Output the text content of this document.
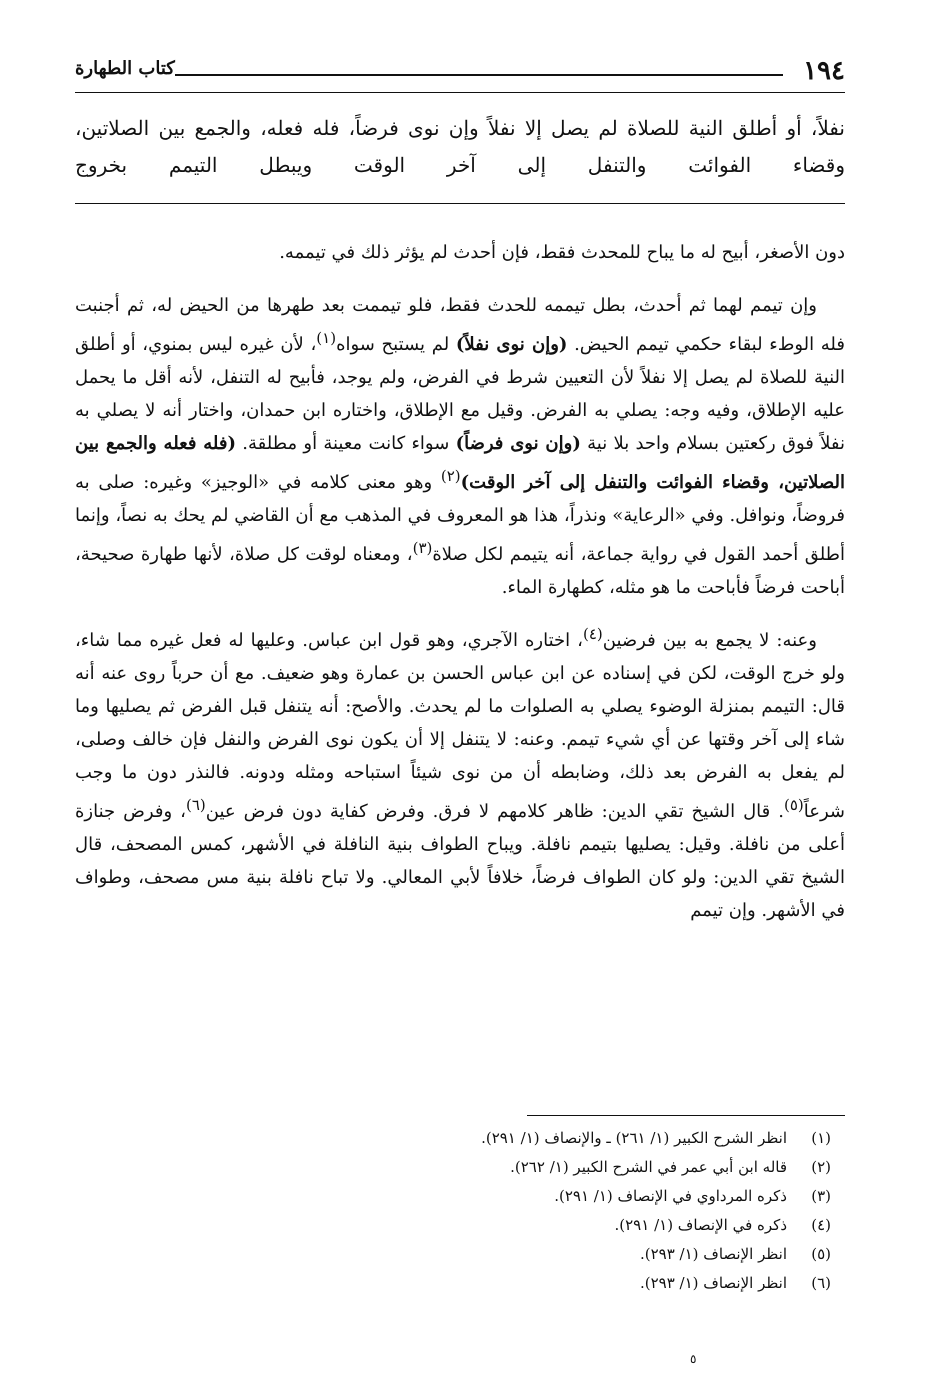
١٩٤
كتاب الطهارة
نفلاً، أو أطلق النية للصلاة لم يصل إلا نفلاً وإن نوى فرضاً، فله فعله، والجمع بين الصلاتين، وقضاء الفوائت والتنفل إلى آخر الوقت ويبطل التيمم بخروج

دون الأصغر، أبيح له ما يباح للمحدث فقط، فإن أحدث لم يؤثر ذلك في تيممه.

وإن تيمم لهما ثم أحدث، بطل تيممه للحدث فقط، فلو تيممت بعد طهرها من الحيض له، ثم أجنبت فله الوطء لبقاء حكمي تيمم الحيض. (وإن نوى نفلاً) لم يستبح سواه$^{(١)}$، لأن غيره ليس بمنوي، أو أطلق النية للصلاة لم يصل إلا نفلاً لأن التعيين شرط في الفرض، ولم يوجد، فأبيح له التنفل، لأنه أقل ما يحمل عليه الإطلاق، وفيه وجه: يصلي به الفرض. وقيل مع الإطلاق، واختاره ابن حمدان، واختار أنه لا يصلي به نفلاً فوق ركعتين بسلام واحد بلا نية (وإن نوى فرضاً) سواء كانت معينة أو مطلقة. (فله فعله والجمع بين الصلاتين، وقضاء الفوائت والتنفل إلى آخر الوقت)$^{(٢)}$ وهو معنى كلامه في «الوجيز» وغيره: صلى به فروضاً، ونوافل. وفي «الرعاية» ونذراً، هذا هو المعروف في المذهب مع أن القاضي لم يحك به نصاً، وإنما أطلق أحمد القول في رواية جماعة، أنه يتيمم لكل صلاة$^{(٣)}$، ومعناه لوقت كل صلاة، لأنها طهارة صحيحة، أباحت فرضاً فأباحت ما هو مثله، كطهارة الماء.

وعنه: لا يجمع به بين فرضين$^{(٤)}$، اختاره الآجري، وهو قول ابن عباس. وعليها له فعل غيره مما شاء، ولو خرج الوقت، لكن في إسناده عن ابن عباس الحسن بن عمارة وهو ضعيف. مع أن حرباً روى عنه أنه قال: التيمم بمنزلة الوضوء يصلي به الصلوات ما لم يحدث. والأصح: أنه يتنفل قبل الفرض ثم يصليها وما شاء إلى آخر وقتها عن أي شيء تيمم. وعنه: لا يتنفل إلا أن يكون نوى الفرض والنفل فإن خالف وصلى، لم يفعل به الفرض بعد ذلك، وضابطه أن من نوى شيئاً استباحه ومثله ودونه. فالنذر دون ما وجب شرعاً$^{(٥)}$. قال الشيخ تقي الدين: ظاهر كلامهم لا فرق. وفرض كفاية دون فرض عين$^{(٦)}$، وفرض جنازة أعلى من نافلة. وقيل: يصليها بتيمم نافلة. ويباح الطواف بنية النافلة في الأشهر، كمس المصحف، قال الشيخ تقي الدين: ولو كان الطواف فرضاً، خلافاً لأبي المعالي. ولا تباح نافلة بنية مس مصحف، وطواف في الأشهر. وإن تيمم

(١)انظر الشرح الكبير (١/ ٢٦١) ـ والإنصاف (١/ ٢٩١).
(٢)قاله ابن أبي عمر في الشرح الكبير (١/ ٢٦٢).
(٣)ذكره المرداوي في الإنصاف (١/ ٢٩١).
(٤)ذكره في الإنصاف (١/ ٢٩١).
(٥)انظر الإنصاف (١/ ٢٩٣).
(٦)انظر الإنصاف (١/ ٢٩٣).
٥
